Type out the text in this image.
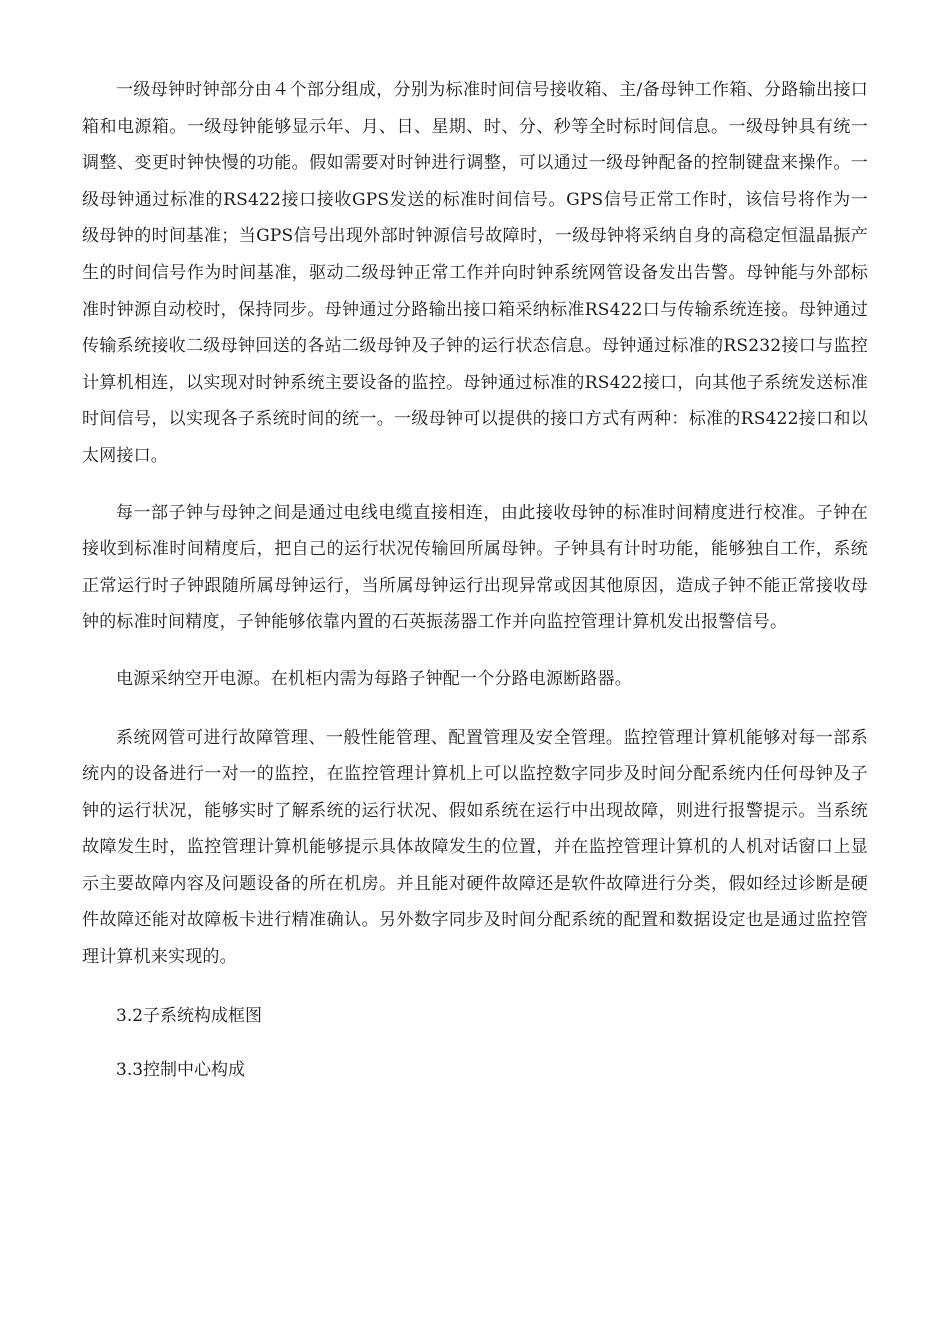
一级母钟时钟部分由４个部分组成，分别为标准时间信号接收箱、主/备母钟工作箱、分路输出接口箱和电源箱。一级母钟能够显示年、月、日、星期、时、分、秒等全时标时间信息。一级母钟具有统一调整、变更时钟快慢的功能。假如需要对时钟进行调整，可以通过一级母钟配备的控制键盘来操作。一级母钟通过标准的RS422接口接收GPS发送的标准时间信号。GPS信号正常工作时，该信号将作为一级母钟的时间基准；当GPS信号出现外部时钟源信号故障时，一级母钟将采纳自身的高稳定恒温晶振产生的时间信号作为时间基准，驱动二级母钟正常工作并向时钟系统网管设备发出告警。母钟能与外部标准时钟源自动校时，保持同步。母钟通过分路输出接口箱采纳标准RS422口与传输系统连接。母钟通过传输系统接收二级母钟回送的各站二级母钟及子钟的运行状态信息。母钟通过标准的RS232接口与监控计算机相连，以实现对时钟系统主要设备的监控。母钟通过标准的RS422接口，向其他子系统发送标准时间信号，以实现各子系统时间的统一。一级母钟可以提供的接口方式有两种：标准的RS422接口和以太网接口。

每一部子钟与母钟之间是通过电线电缆直接相连，由此接收母钟的标准时间精度进行校准。子钟在接收到标准时间精度后，把自己的运行状况传输回所属母钟。子钟具有计时功能，能够独自工作，系统正常运行时子钟跟随所属母钟运行，当所属母钟运行出现异常或因其他原因，造成子钟不能正常接收母钟的标准时间精度，子钟能够依靠内置的石英振荡器工作并向监控管理计算机发出报警信号。

电源采纳空开电源。在机柜内需为每路子钟配一个分路电源断路器。

系统网管可进行故障管理、一般性能管理、配置管理及安全管理。监控管理计算机能够对每一部系统内的设备进行一对一的监控，在监控管理计算机上可以监控数字同步及时间分配系统内任何母钟及子钟的运行状况，能够实时了解系统的运行状况、假如系统在运行中出现故障，则进行报警提示。当系统故障发生时，监控管理计算机能够提示具体故障发生的位置，并在监控管理计算机的人机对话窗口上显示主要故障内容及问题设备的所在机房。并且能对硬件故障还是软件故障进行分类，假如经过诊断是硬件故障还能对故障板卡进行精准确认。另外数字同步及时间分配系统的配置和数据设定也是通过监控管理计算机来实现的。

3.2子系统构成框图

3.3控制中心构成
